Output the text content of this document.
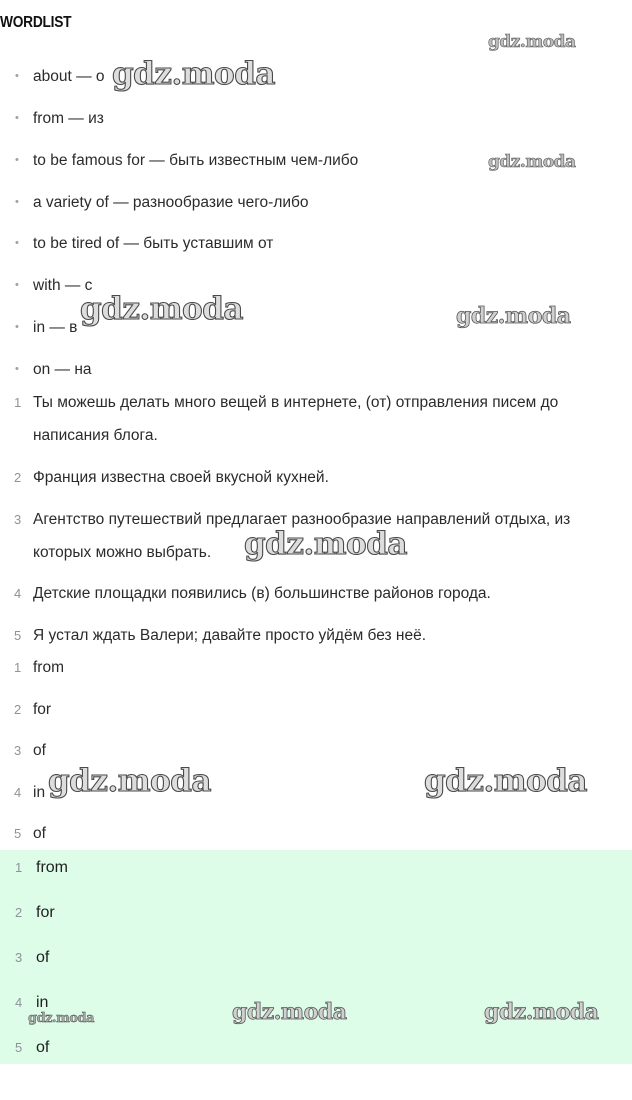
WORDLIST
• about — о
• from — из
• to be famous for — быть известным чем-либо
• a variety of — разнообразие чего-либо
• to be tired of — быть уставшим от
• with — с
• in — в
• on — на
1 Ты можешь делать много вещей в интернете, (от) отправления писем до написания блога.
2 Франция известна своей вкусной кухней.
3 Агентство путешествий предлагает разнообразие направлений отдыха, из которых можно выбрать.
4 Детские площадки появились (в) большинстве районов города.
5 Я устал ждать Валери; давайте просто уйдём без неё.
1 from
2 for
3 of
4 in
5 of
1 from
2 for
3 of
4 in
5 of
gdz.moda
gdz.moda
gdz.moda
gdz.moda	gdz.moda
gdz.moda
gdz.moda	gdz.moda
gdz.moda	gdz.moda	gdz.moda
